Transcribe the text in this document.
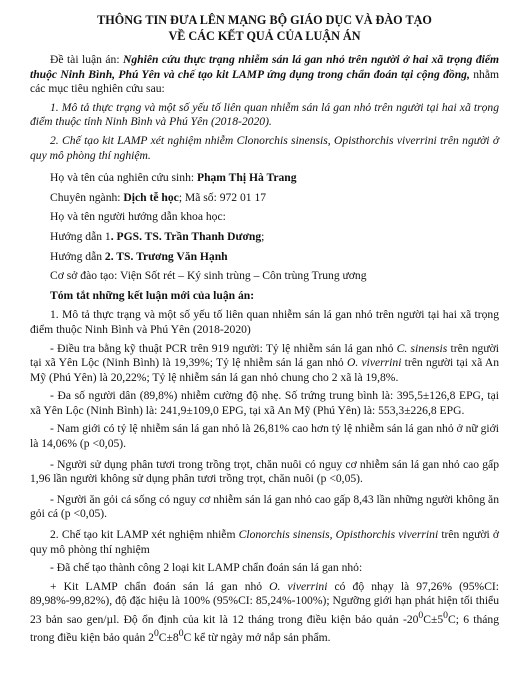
THÔNG TIN ĐƯA LÊN MẠNG BỘ GIÁO DỤC VÀ ĐÀO TẠO
VỀ CÁC KẾT QUẢ CỦA LUẬN ÁN

Đề tài luận án: Nghiên cứu thực trạng nhiễm sán lá gan nhỏ trên người ở hai xã trọng điểm thuộc Ninh Bình, Phú Yên và chế tạo kit LAMP ứng dụng trong chẩn đoán tại cộng đồng, nhằm các mục tiêu nghiên cứu sau:

1. Mô tả thực trạng và một số yếu tố liên quan nhiễm sán lá gan nhỏ trên người tại hai xã trọng điểm thuộc tỉnh Ninh Bình và Phú Yên (2018-2020).

2. Chế tạo kit LAMP xét nghiệm nhiễm Clonorchis sinensis, Opisthorchis viverrini trên người ở quy mô phòng thí nghiệm.

Họ và tên của nghiên cứu sinh: Phạm Thị Hà Trang

Chuyên ngành: Dịch tễ học; Mã số: 972 01 17

Họ và tên người hướng dẫn khoa học:

Hướng dẫn 1. PGS. TS. Trần Thanh Dương;

Hướng dẫn 2. TS. Trương Văn Hạnh

Cơ sở đào tạo: Viện Sốt rét – Ký sinh trùng – Côn trùng Trung ương

Tóm tắt những kết luận mới của luận án:

1. Mô tả thực trạng và một số yếu tố liên quan nhiễm sán lá gan nhỏ trên người tại hai xã trọng điểm thuộc Ninh Bình và Phú Yên (2018-2020)

- Điều tra bằng kỹ thuật PCR trên 919 người: Tỷ lệ nhiễm sán lá gan nhỏ C. sinensis trên người tại xã Yên Lộc (Ninh Bình) là 19,39%; Tỷ lệ nhiễm sán lá gan nhỏ O. viverrini trên người tại xã An Mỹ (Phú Yên) là 20,22%; Tỷ lệ nhiễm sán lá gan nhỏ chung cho 2 xã là 19,8%.

- Đa số người dân (89,8%) nhiễm cường độ nhẹ. Số trứng trung bình là: 395,5±126,8 EPG, tại xã Yên Lộc (Ninh Bình) là: 241,9±109,0 EPG, tại xã An Mỹ (Phú Yên) là: 553,3±226,8 EPG.

- Nam giới có tỷ lệ nhiễm sán lá gan nhỏ là 26,81% cao hơn tỷ lệ nhiễm sán lá gan nhỏ ở nữ giới là 14,06% (p <0,05).

- Người sử dụng phân tươi trong trồng trọt, chăn nuôi có nguy cơ nhiễm sán lá gan nhỏ cao gấp 1,96 lần người không sử dụng phân tươi trồng trọt, chăn nuôi (p <0,05).

- Người ăn gỏi cá sống có nguy cơ nhiễm sán lá gan nhỏ cao gấp 8,43 lần những người không ăn gỏi cá (p <0,05).

2. Chế tạo kit LAMP xét nghiệm nhiễm Clonorchis sinensis, Opisthorchis viverrini trên người ở quy mô phòng thí nghiệm

- Đã chế tạo thành công 2 loại kit LAMP chẩn đoán sán lá gan nhỏ:

+ Kit LAMP chẩn đoán sán lá gan nhỏ O. viverrini có độ nhạy là 97,26% (95%CI: 89,98%-99,82%), độ đặc hiệu là 100% (95%CI: 85,24%-100%); Ngưỡng giới hạn phát hiện tối thiểu 23 bản sao gen/µl. Độ ổn định của kit là 12 tháng trong điều kiện bảo quản $-20^0C\pm 5^0C$; 6 tháng trong điều kiện bảo quản $2^0C\pm 8^0C$ kể từ ngày mở nắp sản phẩm.
